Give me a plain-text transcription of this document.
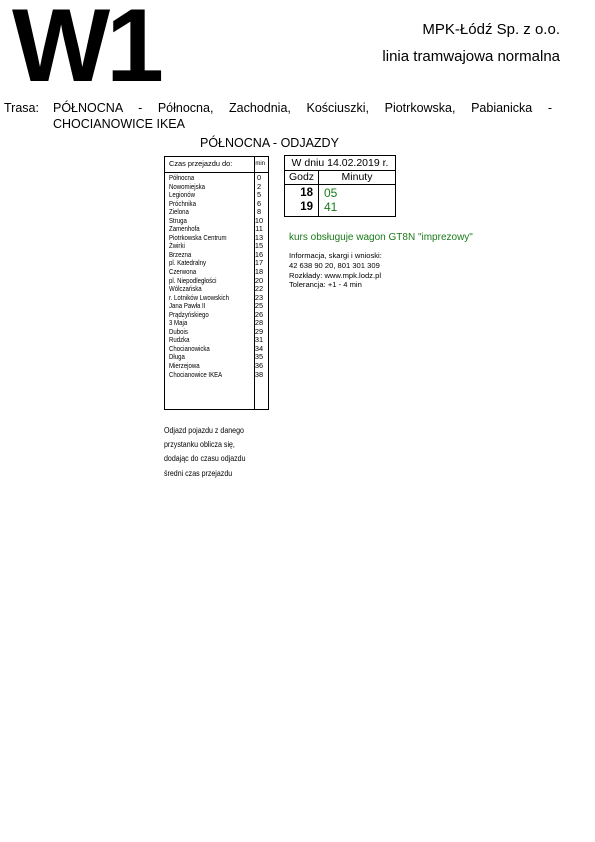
W1	MPK-Łódź Sp. z o.o.
linia tramwajowa normalna
Trasa: PÓŁNOCNA - Północna, Zachodnia, Kościuszki, Piotrkowska, Pabianicka - CHOCIANOWICE IKEA
PÓŁNOCNA - ODJAZDY
Czas przejazdu do:	min
Północna	0
Nowomiejska	2
Legionów	5
Próchnika	6
Zielona	8
Struga	10
Zamenhofa	11
Piotrkowska Centrum	13
Żwirki	15
Brzezna	16
pl. Katedralny	17
Czerwona	18
pl. Niepodległości	20
Wólczańska	22
r. Lotników Lwowskich	23
Jana Pawła II	25
Prądzyńskiego	26
3 Maja	28
Dubois	29
Rudzka	31
Chocianowicka	34
Długa	35
Mierzejowa	36
Chocianowice IKEA	38
Odjazd pojazdu z danego
przystanku oblicza się,
dodając do czasu odjazdu
średni czas przejazdu
W dniu 14.02.2019 r.
Godz	Minuty
18 05
19 41
kurs obsługuje wagon GT8N "imprezowy"
Informacja, skargi i wnioski:
42 638 90 20, 801 301 309
Rozkłady: www.mpk.lodz.pl
Tolerancja: +1 - 4 min
